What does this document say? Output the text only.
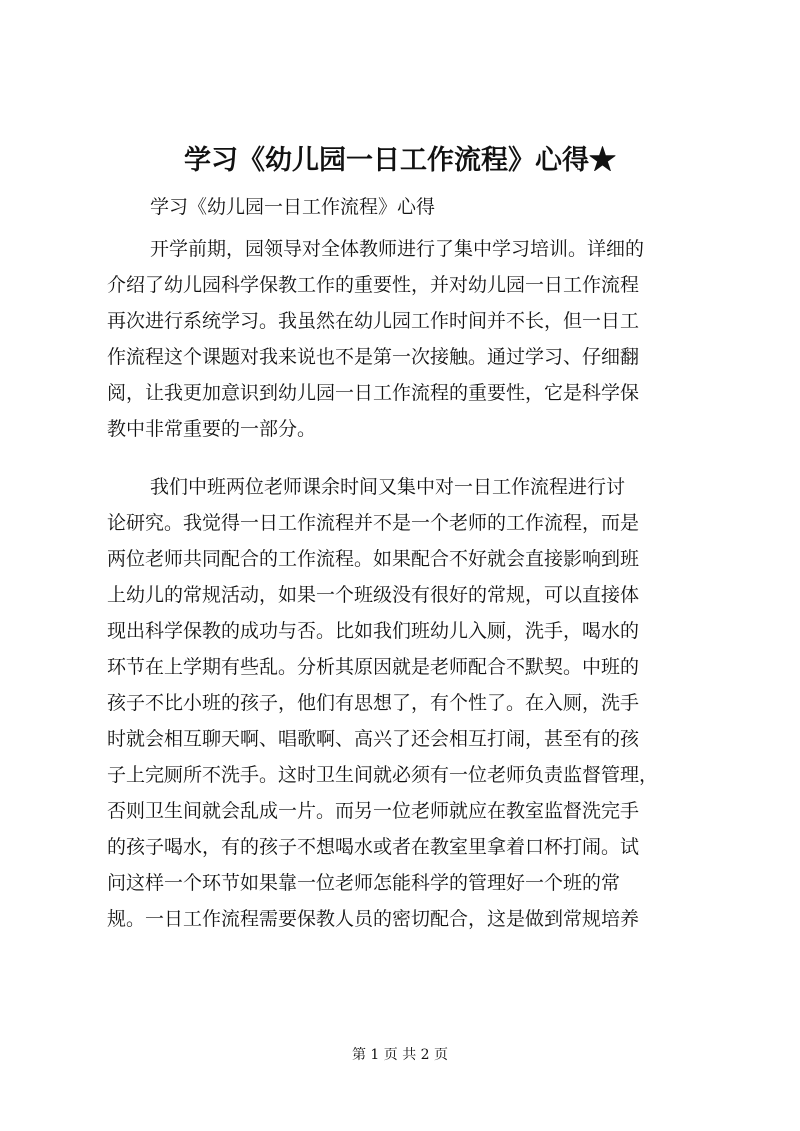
学习《幼儿园一日工作流程》心得★
学习《幼儿园一日工作流程》心得
开学前期，园领导对全体教师进行了集中学习培训。详细的
介绍了幼儿园科学保教工作的重要性，并对幼儿园一日工作流程
再次进行系统学习。我虽然在幼儿园工作时间并不长，但一日工
作流程这个课题对我来说也不是第一次接触。通过学习、仔细翻
阅，让我更加意识到幼儿园一日工作流程的重要性，它是科学保
教中非常重要的一部分。
我们中班两位老师课余时间又集中对一日工作流程进行讨
论研究。我觉得一日工作流程并不是一个老师的工作流程，而是
两位老师共同配合的工作流程。如果配合不好就会直接影响到班
上幼儿的常规活动，如果一个班级没有很好的常规，可以直接体
现出科学保教的成功与否。比如我们班幼儿入厕，洗手，喝水的
环节在上学期有些乱。分析其原因就是老师配合不默契。中班的
孩子不比小班的孩子，他们有思想了，有个性了。在入厕，洗手
时就会相互聊天啊、唱歌啊、高兴了还会相互打闹，甚至有的孩
子上完厕所不洗手。这时卫生间就必须有一位老师负责监督管理，
否则卫生间就会乱成一片。而另一位老师就应在教室监督洗完手
的孩子喝水，有的孩子不想喝水或者在教室里拿着口杯打闹。试
问这样一个环节如果靠一位老师怎能科学的管理好一个班的常
规。一日工作流程需要保教人员的密切配合，这是做到常规培养
第 1 页 共 2 页
